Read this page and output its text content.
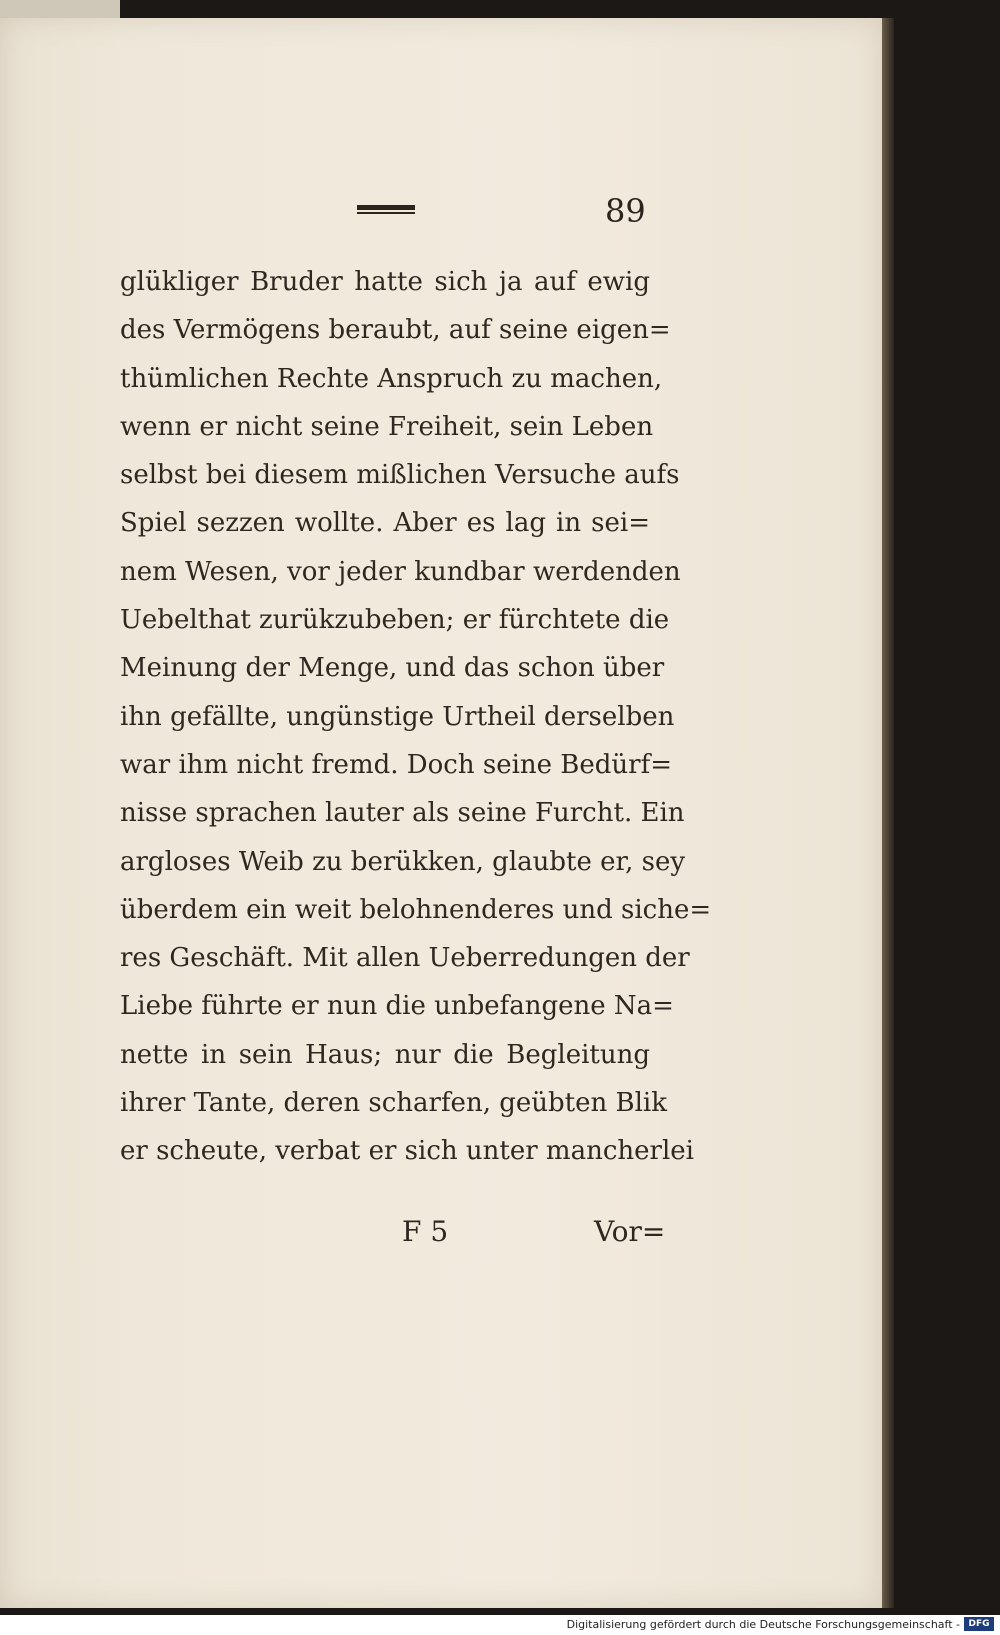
89
glükliger Bruder hatte sich ja auf ewig
des Vermögens beraubt, auf seine eigen=
thümlichen Rechte Anspruch zu machen,
wenn er nicht seine Freiheit, sein Leben
selbst bei diesem mißlichen Versuche aufs
Spiel sezzen wollte. Aber es lag in sei=
nem Wesen, vor jeder kundbar werdenden
Uebelthat zurükzubeben; er fürchtete die
Meinung der Menge, und das schon über
ihn gefällte, ungünstige Urtheil derselben
war ihm nicht fremd. Doch seine Bedürf=
nisse sprachen lauter als seine Furcht. Ein
argloses Weib zu berükken, glaubte er, sey
überdem ein weit belohnenderes und siche=
res Geschäft. Mit allen Ueberredungen der
Liebe führte er nun die unbefangene Na=
nette in sein Haus; nur die Begleitung
ihrer Tante, deren scharfen, geübten Blik
er scheute, verbat er sich unter mancherlei
F 5	Vor=
Digitalisierung gefördert durch die Deutsche Forschungsgemeinschaft - DFG
